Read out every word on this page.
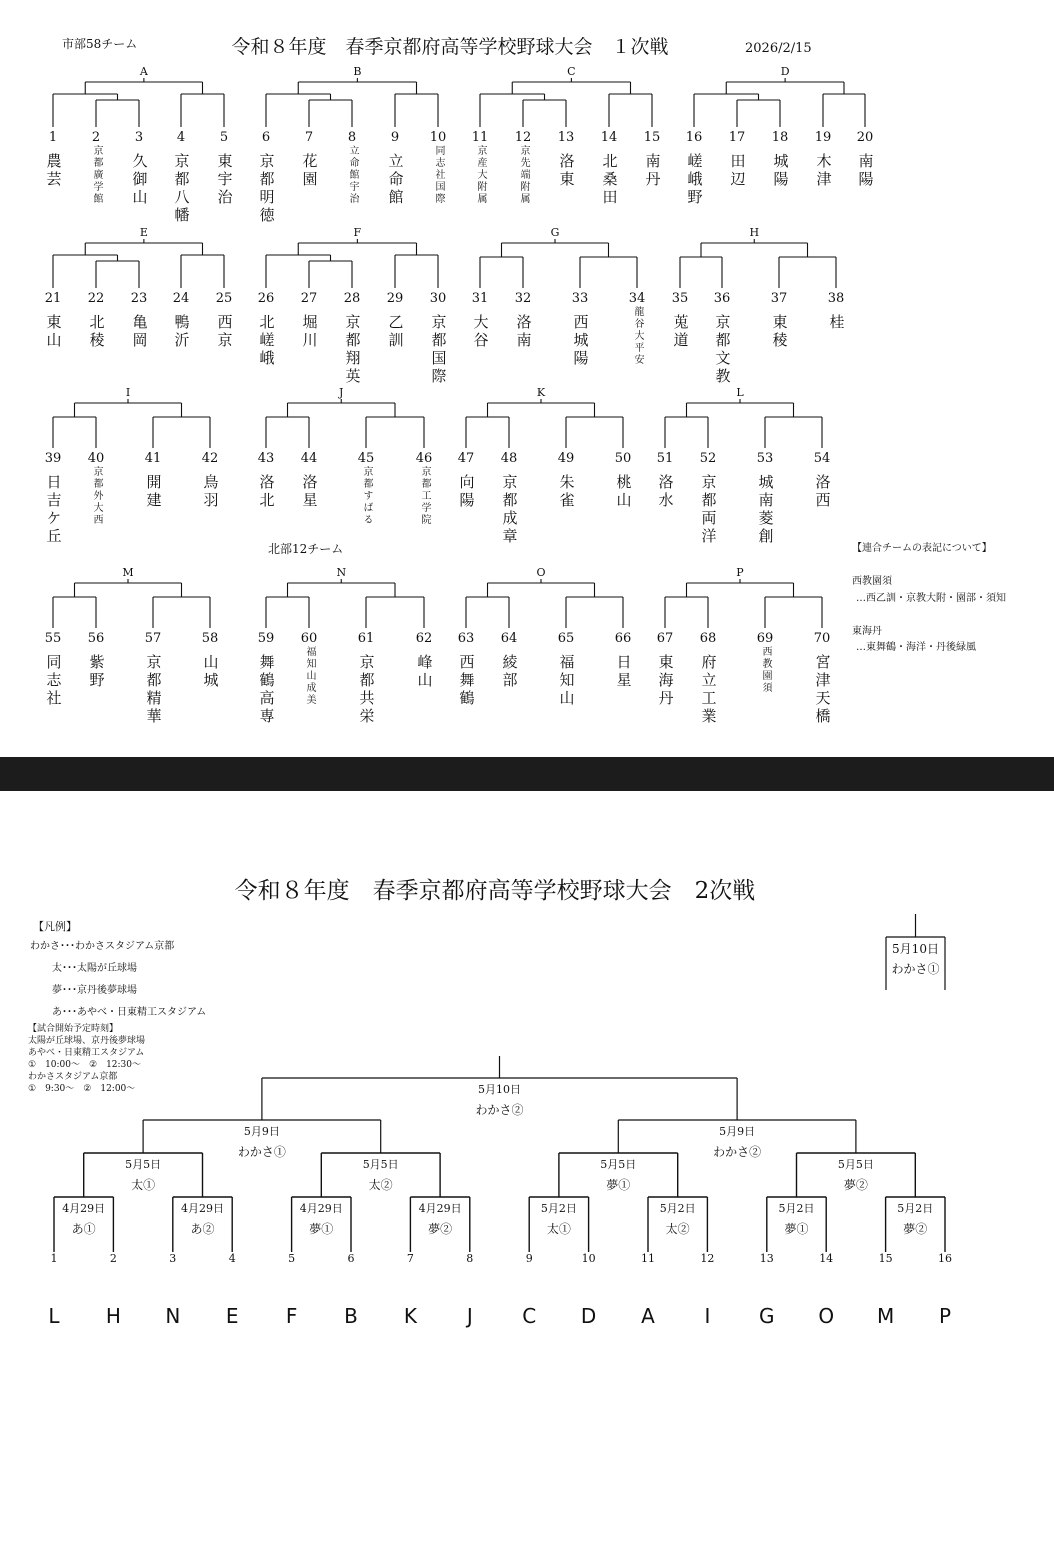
市部58チーム	令和８年度　春季京都府高等学校野球大会　１次戦	2026/2/15
北部12チーム
A
1
農芸
2
京都廣学館
3
久御山
4
京都八幡
5
東宇治
B
6
京都明徳
7
花園
8
立命館宇治
9
立命館
10
同志社国際
C
11
京産大附属
12
京先端附属
13
洛東
14
北桑田
15
南丹
D
16
嵯峨野
17
田辺
18
城陽
19
木津
20
南陽
E
21
東山
22
北稜
23
亀岡
24
鴨沂
25
西京
F
26
北嵯峨
27
堀川
28
京都翔英
29
乙訓
30
京都国際
G
31
大谷
32
洛南
33
西城陽
34
龍谷大平安
H
35
莵道
36
京都文教
37
東稜
38
桂
I
39
日吉ケ丘
40
京都外大西
41
開建
42
鳥羽
J
43
洛北
44
洛星
45
京都すばる
46
京都工学院
K
47
向陽
48
京都成章
49
朱雀
50
桃山
L
51
洛水
52
京都両洋
53
城南菱創
54
洛西
M
55
同志社
56
紫野
57
京都精華
58
山城
N
59
舞鶴高専
60
福知山成美
61
京都共栄
62
峰山
O
63
西舞鶴
64
綾部
65
福知山
66
日星
P
67
東海丹
68
府立工業
69
西教園須
70
宮津天橋
【連合チームの表記について】
西教園須
…西乙訓・京教大附・園部・須知
東海丹
…東舞鶴・海洋・丹後緑風
令和８年度　春季京都府高等学校野球大会　2次戦
【凡例】
わかさ･･･わかさスタジアム京都
太･･･太陽が丘球場
夢･･･京丹後夢球場
あ･･･あやべ・日東精工スタジアム
【試合開始予定時刻】
太陽が丘球場、京丹後夢球場
あやべ・日東精工スタジアム
①　10:00～　②　12:30～
わかさスタジアム京都
①　9:30～　②　12:00～
4月29日
あ①
4月29日
あ②
4月29日
夢①
4月29日
夢②
5月2日
太①
5月2日
太②
5月2日
夢①
5月2日
夢②
5月5日
太①
5月5日
太②
5月5日
夢①
5月5日
夢②
5月9日
わかさ①
5月9日
わかさ②
5月10日
わかさ②
5月10日
わかさ①
1	2	3	4	5	6	7	8	9	10	11	12	13	14	15	16
L H N E F B K J C D A I G O M P
